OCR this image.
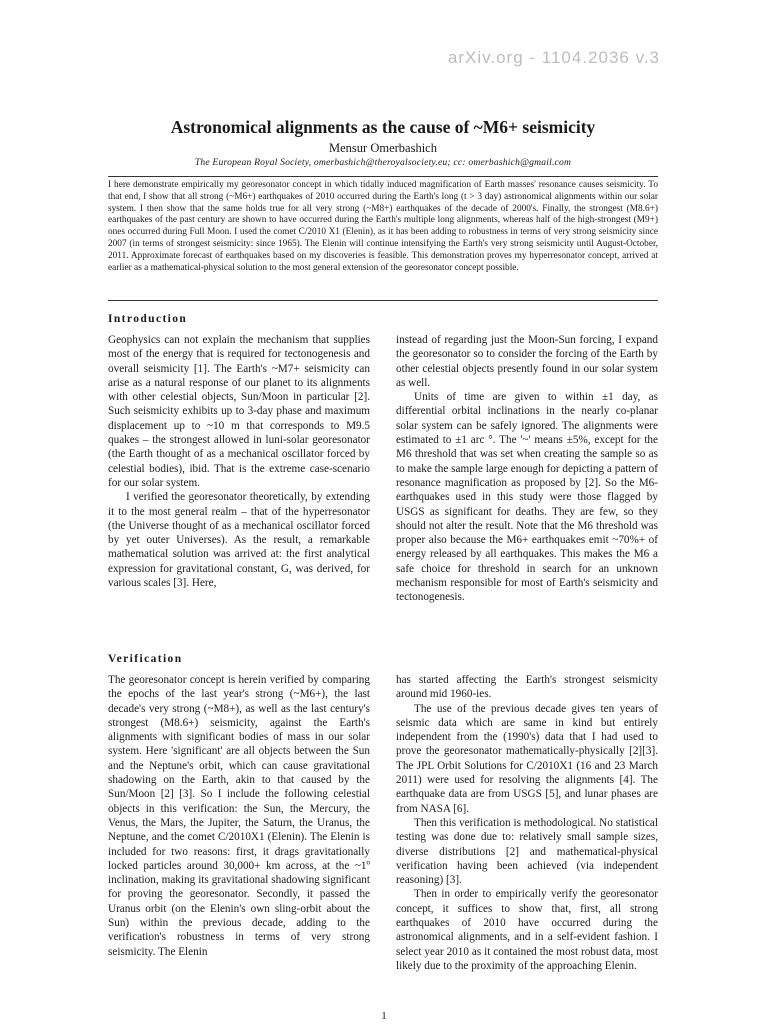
arXiv.org - 1104.2036 v.3
Astronomical alignments as the cause of ~M6+ seismicity

Mensur Omerbashich

The European Royal Society, omerbashich@theroyalsociety.eu; cc: omerbashich@gmail.com

I here demonstrate empirically my georesonator concept in which tidally induced magnification of Earth masses' resonance causes seismicity. To that end, I show that all strong (~M6+) earthquakes of 2010 occurred during the Earth's long (t > 3 day) astronomical alignments within our solar system. I then show that the same holds true for all very strong (~M8+) earthquakes of the decade of 2000's. Finally, the strongest (M8.6+) earthquakes of the past century are shown to have occurred during the Earth's multiple long alignments, whereas half of the high-strongest (M9+) ones occurred during Full Moon. I used the comet C/2010 X1 (Elenin), as it has been adding to robustness in terms of very strong seismicity since 2007 (in terms of strongest seismicity: since 1965). The Elenin will continue intensifying the Earth's very strong seismicity until August-October, 2011. Approximate forecast of earthquakes based on my discoveries is feasible. This demonstration proves my hyperresonator concept, arrived at earlier as a mathematical-physical solution to the most general extension of the georesonator concept possible.

Introduction

Geophysics can not explain the mechanism that supplies most of the energy that is required for tectonogenesis and overall seismicity [1]. The Earth's ~M7+ seismicity can arise as a natural response of our planet to its alignments with other celestial objects, Sun/Moon in particular [2]. Such seismicity exhibits up to 3-day phase and maximum displacement up to ~10 m that corresponds to M9.5 quakes – the strongest allowed in luni-solar georesonator (the Earth thought of as a mechanical oscillator forced by celestial bodies), ibid. That is the extreme case-scenario for our solar system.

I verified the georesonator theoretically, by extending it to the most general realm – that of the hyperresonator (the Universe thought of as a mechanical oscillator forced by yet outer Universes). As the result, a remarkable mathematical solution was arrived at: the first analytical expression for gravitational constant, G, was derived, for various scales [3]. Here,

instead of regarding just the Moon-Sun forcing, I expand the georesonator so to consider the forcing of the Earth by other celestial objects presently found in our solar system as well.

Units of time are given to within ±1 day, as differential orbital inclinations in the nearly co-planar solar system can be safely ignored. The alignments were estimated to ±1 arc °. The '~' means ±5%, except for the M6 threshold that was set when creating the sample so as to make the sample large enough for depicting a pattern of resonance magnification as proposed by [2]. So the M6- earthquakes used in this study were those flagged by USGS as significant for deaths. They are few, so they should not alter the result. Note that the M6 threshold was proper also because the M6+ earthquakes emit ~70%+ of energy released by all earthquakes. This makes the M6 a safe choice for threshold in search for an unknown mechanism responsible for most of Earth's seismicity and tectonogenesis.

Verification

The georesonator concept is herein verified by comparing the epochs of the last year's strong (~M6+), the last decade's very strong (~M8+), as well as the last century's strongest (M8.6+) seismicity, against the Earth's alignments with significant bodies of mass in our solar system. Here 'significant' are all objects between the Sun and the Neptune's orbit, which can cause gravitational shadowing on the Earth, akin to that caused by the Sun/Moon [2] [3]. So I include the following celestial objects in this verification: the Sun, the Mercury, the Venus, the Mars, the Jupiter, the Saturn, the Uranus, the Neptune, and the comet C/2010X1 (Elenin). The Elenin is included for two reasons: first, it drags gravitationally locked particles around 30,000+ km across, at the ~1º inclination, making its gravitational shadowing significant for proving the georesonator. Secondly, it passed the Uranus orbit (on the Elenin's own sling-orbit about the Sun) within the previous decade, adding to the verification's robustness in terms of very strong seismicity. The Elenin

has started affecting the Earth's strongest seismicity around mid 1960-ies.

The use of the previous decade gives ten years of seismic data which are same in kind but entirely independent from the (1990's) data that I had used to prove the georesonator mathematically-physically [2][3]. The JPL Orbit Solutions for C/2010X1 (16 and 23 March 2011) were used for resolving the alignments [4]. The earthquake data are from USGS [5], and lunar phases are from NASA [6].

Then this verification is methodological. No statistical testing was done due to: relatively small sample sizes, diverse distributions [2] and mathematical-physical verification having been achieved (via independent reasoning) [3].

Then in order to empirically verify the georesonator concept, it suffices to show that, first, all strong earthquakes of 2010 have occurred during the astronomical alignments, and in a self-evident fashion. I select year 2010 as it contained the most robust data, most likely due to the proximity of the approaching Elenin.

1
